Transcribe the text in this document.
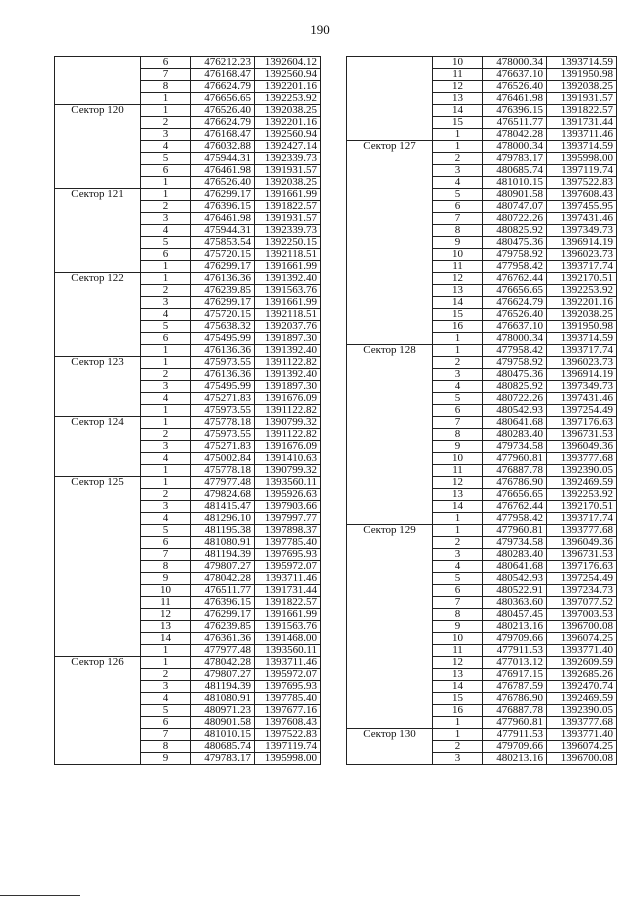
190
	6	476212.23	1392604.12
	7	476168.47	1392560.94
	8	476624.79	1392201.16
	1	476656.65	1392253.92
Сектор 120	1	476526.40	1392038.25
	2	476624.79	1392201.16
	3	476168.47	1392560.94
	4	476032.88	1392427.14
	5	475944.31	1392339.73
	6	476461.98	1391931.57
	1	476526.40	1392038.25
Сектор 121	1	476299.17	1391661.99
	2	476396.15	1391822.57
	3	476461.98	1391931.57
	4	475944.31	1392339.73
	5	475853.54	1392250.15
	6	475720.15	1392118.51
	1	476299.17	1391661.99
Сектор 122	1	476136.36	1391392.40
	2	476239.85	1391563.76
	3	476299.17	1391661.99
	4	475720.15	1392118.51
	5	475638.32	1392037.76
	6	475495.99	1391897.30
	1	476136.36	1391392.40
Сектор 123	1	475973.55	1391122.82
	2	476136.36	1391392.40
	3	475495.99	1391897.30
	4	475271.83	1391676.09
	1	475973.55	1391122.82
Сектор 124	1	475778.18	1390799.32
	2	475973.55	1391122.82
	3	475271.83	1391676.09
	4	475002.84	1391410.63
	1	475778.18	1390799.32
Сектор 125	1	477977.48	1393560.11
	2	479824.68	1395926.63
	3	481415.47	1397903.66
	4	481296.10	1397997.77
	5	481195.38	1397898.37
	6	481080.91	1397785.40
	7	481194.39	1397695.93
	8	479807.27	1395972.07
	9	478042.28	1393711.46
	10	476511.77	1391731.44
	11	476396.15	1391822.57
	12	476299.17	1391661.99
	13	476239.85	1391563.76
	14	476361.36	1391468.00
	1	477977.48	1393560.11
Сектор 126	1	478042.28	1393711.46
	2	479807.27	1395972.07
	3	481194.39	1397695.93
	4	481080.91	1397785.40
	5	480971.23	1397677.16
	6	480901.58	1397608.43
	7	481010.15	1397522.83
	8	480685.74	1397119.74
	9	479783.17	1395998.00
	10	478000.34	1393714.59
	11	476637.10	1391950.98
	12	476526.40	1392038.25
	13	476461.98	1391931.57
	14	476396.15	1391822.57
	15	476511.77	1391731.44
	1	478042.28	1393711.46
Сектор 127	1	478000.34	1393714.59
	2	479783.17	1395998.00
	3	480685.74	1397119.74
	4	481010.15	1397522.83
	5	480901.58	1397608.43
	6	480747.07	1397455.95
	7	480722.26	1397431.46
	8	480825.92	1397349.73
	9	480475.36	1396914.19
	10	479758.92	1396023.73
	11	477958.42	1393717.74
	12	476762.44	1392170.51
	13	476656.65	1392253.92
	14	476624.79	1392201.16
	15	476526.40	1392038.25
	16	476637.10	1391950.98
	1	478000.34	1393714.59
Сектор 128	1	477958.42	1393717.74
	2	479758.92	1396023.73
	3	480475.36	1396914.19
	4	480825.92	1397349.73
	5	480722.26	1397431.46
	6	480542.93	1397254.49
	7	480641.68	1397176.63
	8	480283.40	1396731.53
	9	479734.58	1396049.36
	10	477960.81	1393777.68
	11	476887.78	1392390.05
	12	476786.90	1392469.59
	13	476656.65	1392253.92
	14	476762.44	1392170.51
	1	477958.42	1393717.74
Сектор 129	1	477960.81	1393777.68
	2	479734.58	1396049.36
	3	480283.40	1396731.53
	4	480641.68	1397176.63
	5	480542.93	1397254.49
	6	480522.91	1397234.73
	7	480363.60	1397077.52
	8	480457.45	1397003.53
	9	480213.16	1396700.08
	10	479709.66	1396074.25
	11	477911.53	1393771.40
	12	477013.12	1392609.59
	13	476917.15	1392685.26
	14	476787.59	1392470.74
	15	476786.90	1392469.59
	16	476887.78	1392390.05
	1	477960.81	1393777.68
Сектор 130	1	477911.53	1393771.40
	2	479709.66	1396074.25
	3	480213.16	1396700.08
